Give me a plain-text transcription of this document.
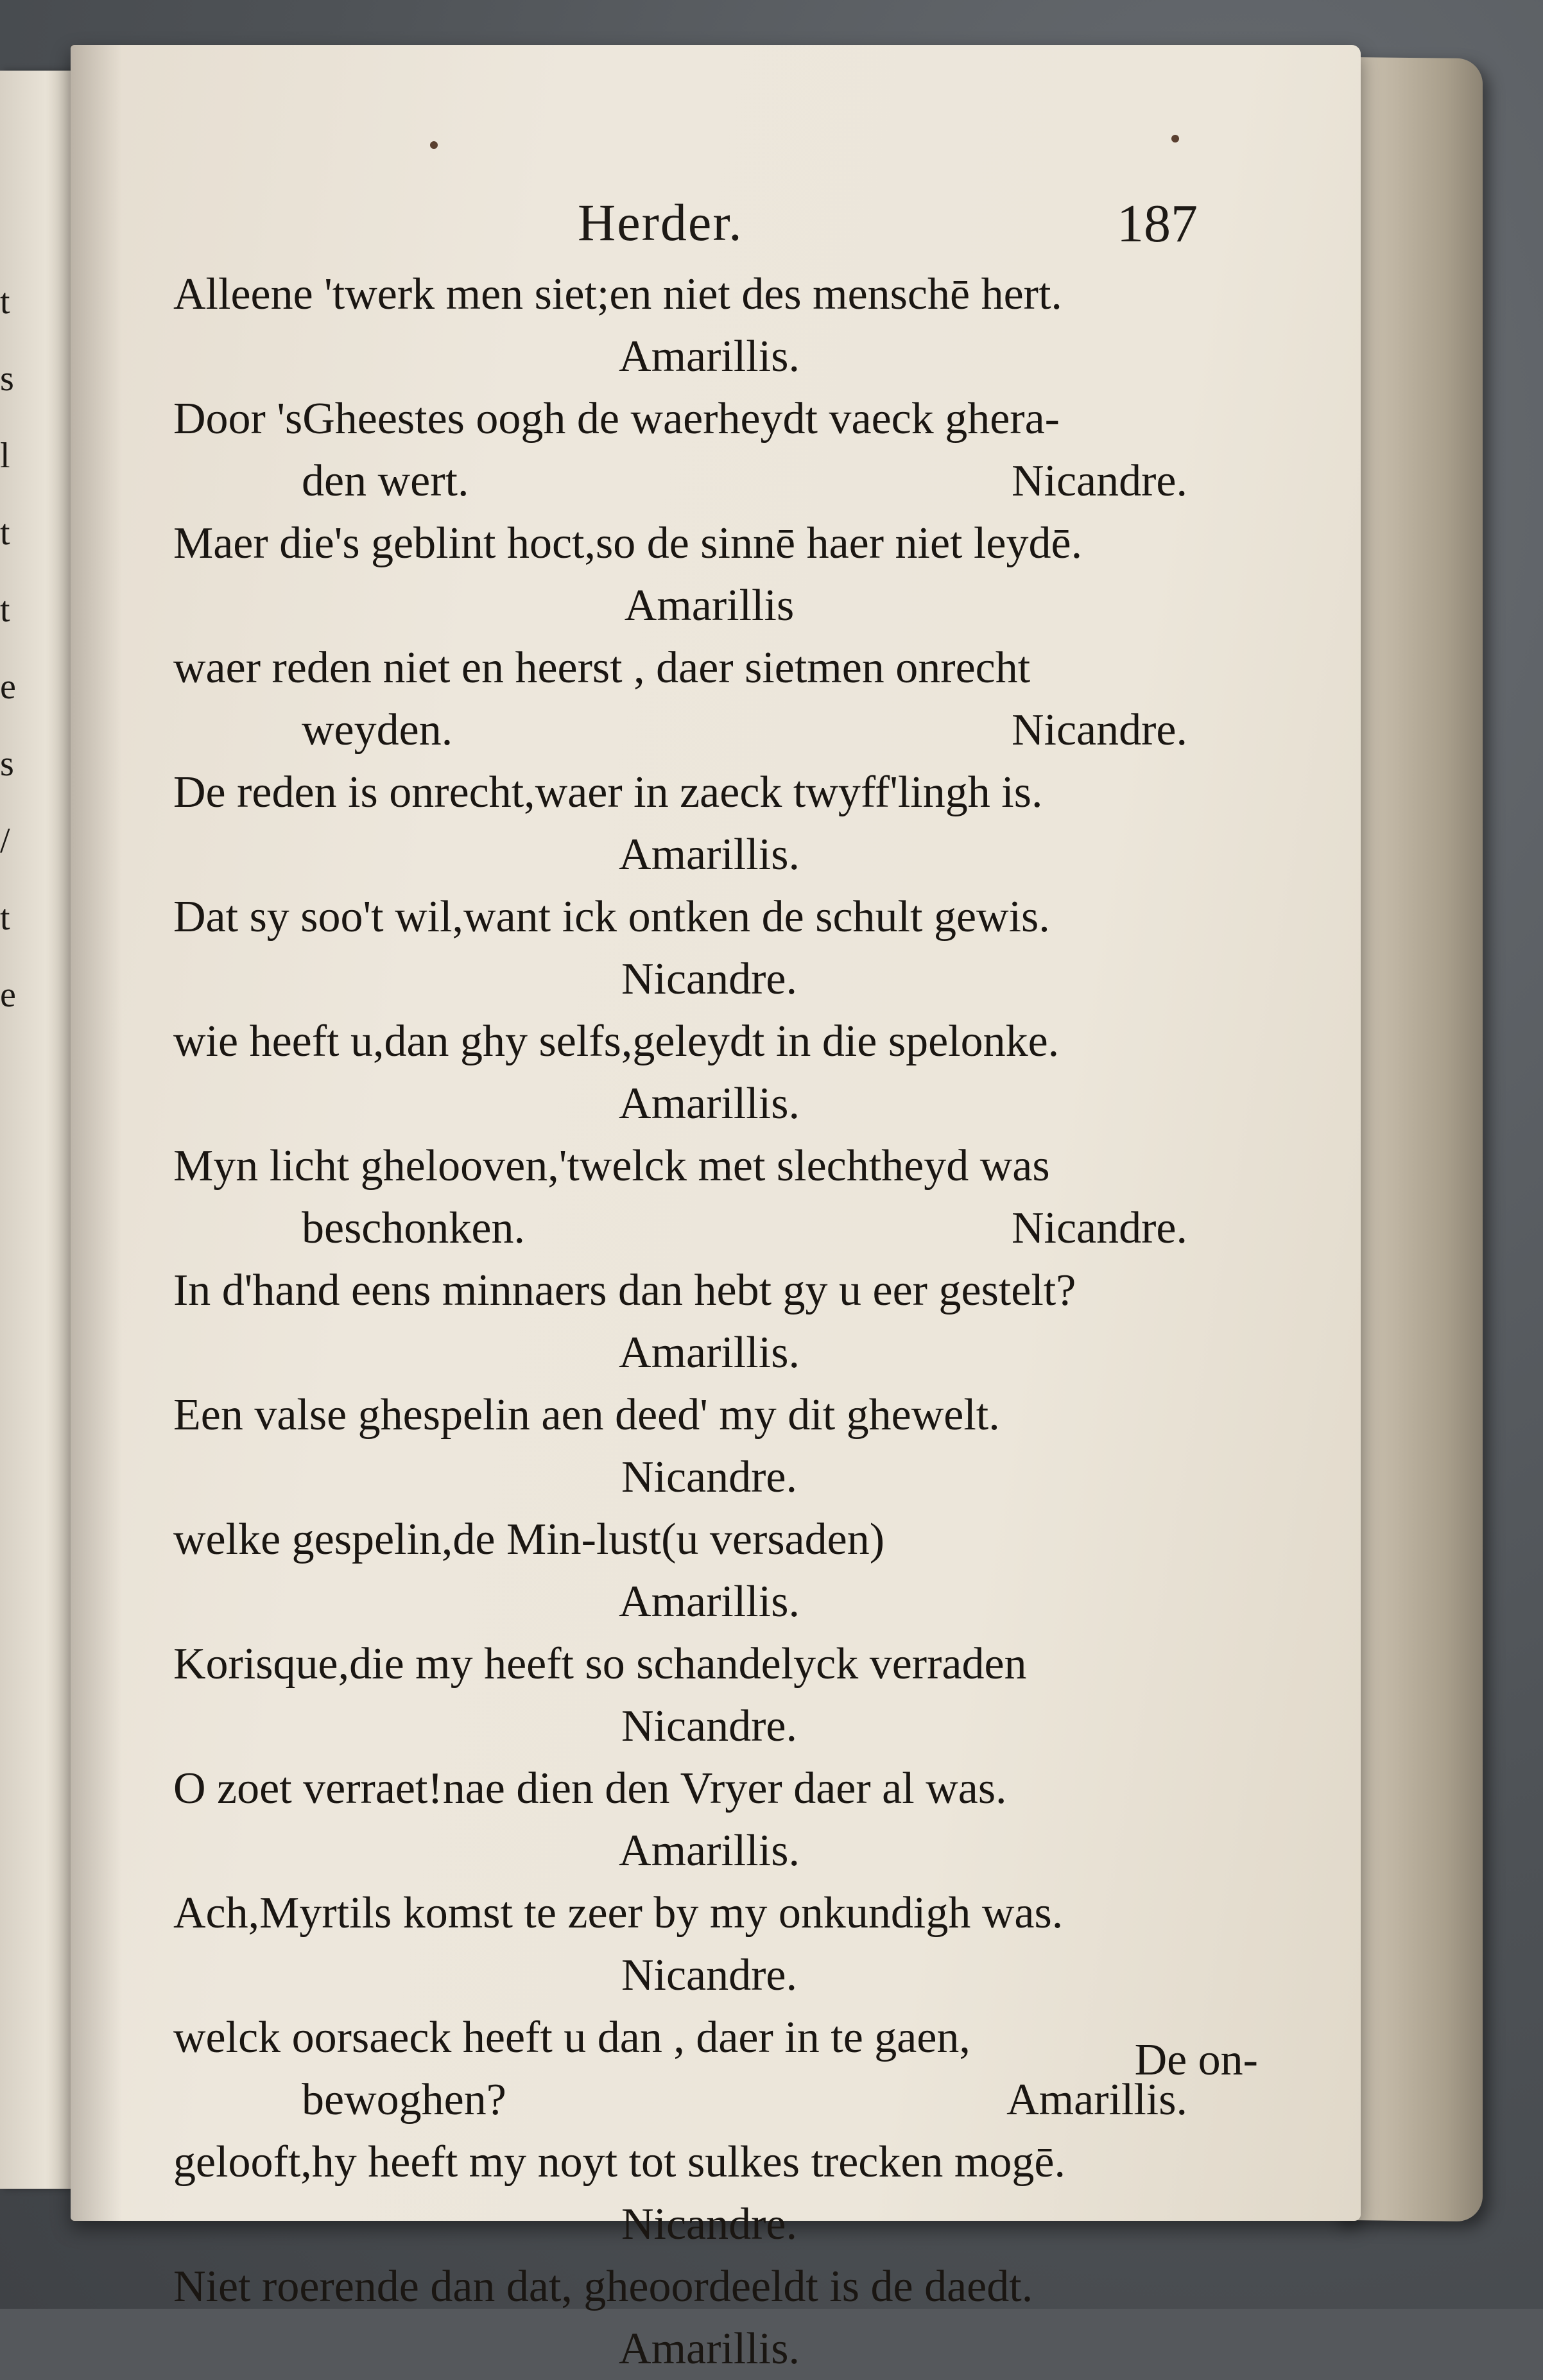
t
s
l
t
t
e
s
/
t
e
Herder.	187
Alleene 'twerk men siet;en niet des menschē hert.
Amarillis.
Door 'sGheestes oogh de waerheydt vaeck ghera-
den wert.	Nicandre.
Maer die's geblint hoct,so de sinnē haer niet leydē.
Amarillis
waer reden niet en heerst , daer sietmen onrecht
weyden.	Nicandre.
De reden is onrecht,waer in zaeck twyff'lingh is.
Amarillis.
Dat sy soo't wil,want ick ontken de schult gewis.
Nicandre.
wie heeft u,dan ghy selfs,geleydt in die spelonke.
Amarillis.
Myn licht ghelooven,'twelck met slechtheyd was
beschonken.	Nicandre.
In d'hand eens minnaers dan hebt gy u eer gestelt?
Amarillis.
Een valse ghespelin aen deed' my dit ghewelt.
Nicandre.
welke gespelin,de Min-lust(u versaden)
Amarillis.
Korisque,die my heeft so schandelyck verraden
Nicandre.
O zoet verraet!nae dien den Vryer daer al was.
Amarillis.
Ach,Myrtils komst te zeer by my onkundigh was.
Nicandre.
welck oorsaeck heeft u dan , daer in te gaen,
bewoghen?	Amarillis.
gelooft,hy heeft my noyt tot sulkes trecken mogē.
Nicandre.
Niet roerende dan dat, gheoordeeldt is de daedt.
Amarillis.
De on-
